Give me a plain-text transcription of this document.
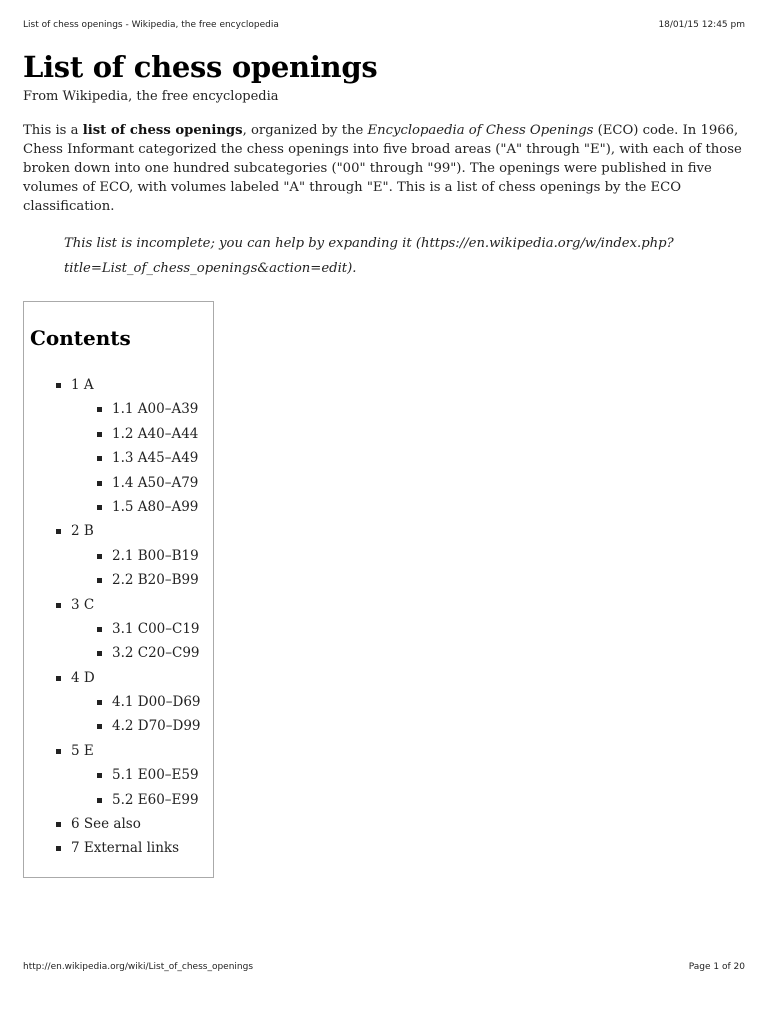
List of chess openings - Wikipedia, the free encyclopedia	18/01/15 12:45 pm
List of chess openings
From Wikipedia, the free encyclopedia

This is a list of chess openings, organized by the Encyclopaedia of Chess Openings (ECO) code. In 1966, Chess Informant categorized the chess openings into five broad areas ("A" through "E"), with each of those broken down into one hundred subcategories ("00" through "99"). The openings were published in five volumes of ECO, with volumes labeled "A" through "E". This is a list of chess openings by the ECO classification.

This list is incomplete; you can help by expanding it (https://en.wikipedia.org/w/index.php?title=List_of_chess_openings&action=edit).

Contents
1 A
1.1 A00–A39
1.2 A40–A44
1.3 A45–A49
1.4 A50–A79
1.5 A80–A99
2 B
2.1 B00–B19
2.2 B20–B99
3 C
3.1 C00–C19
3.2 C20–C99
4 D
4.1 D00–D69
4.2 D70–D99
5 E
5.1 E00–E59
5.2 E60–E99
6 See also
7 External links
http://en.wikipedia.org/wiki/List_of_chess_openings	Page 1 of 20
